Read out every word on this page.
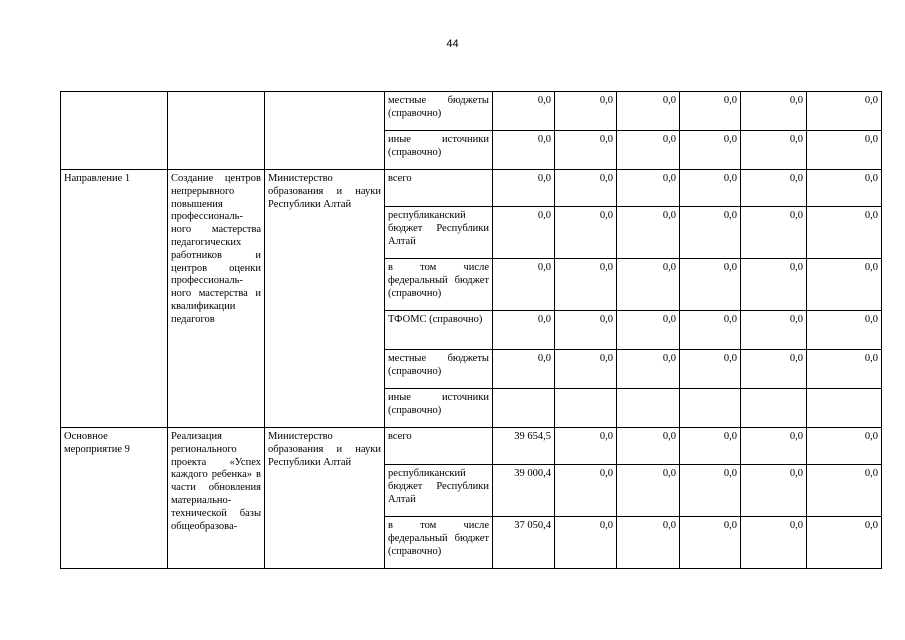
44
			местные бюджеты (справочно)	0,0	0,0	0,0	0,0	0,0	0,0
			иные источники (справочно)	0,0	0,0	0,0	0,0	0,0	0,0
Направление 1	Создание центров непрерывного повышения профессиональ-ного мастерства педагогических работников и центров оценки профессиональ-ного мастерства и квалификации педагогов	Министерство образования и науки Республики Алтай	всего	0,0	0,0	0,0	0,0	0,0	0,0
			республиканский бюджет Республики Алтай	0,0	0,0	0,0	0,0	0,0	0,0
			в том числе федеральный бюджет (справочно)	0,0	0,0	0,0	0,0	0,0	0,0
			ТФОМС (справочно)	0,0	0,0	0,0	0,0	0,0	0,0
			местные бюджеты (справочно)	0,0	0,0	0,0	0,0	0,0	0,0
			иные источники (справочно)						
Основное мероприятие 9	Реализация регионального проекта «Успех каждого ребенка» в части обновления материально-технической базы общеобразова-	Министерство образования и науки Республики Алтай	всего	39 654,5	0,0	0,0	0,0	0,0	0,0
			республиканский бюджет Республики Алтай	39 000,4	0,0	0,0	0,0	0,0	0,0
			в том числе федеральный бюджет (справочно)	37 050,4	0,0	0,0	0,0	0,0	0,0
